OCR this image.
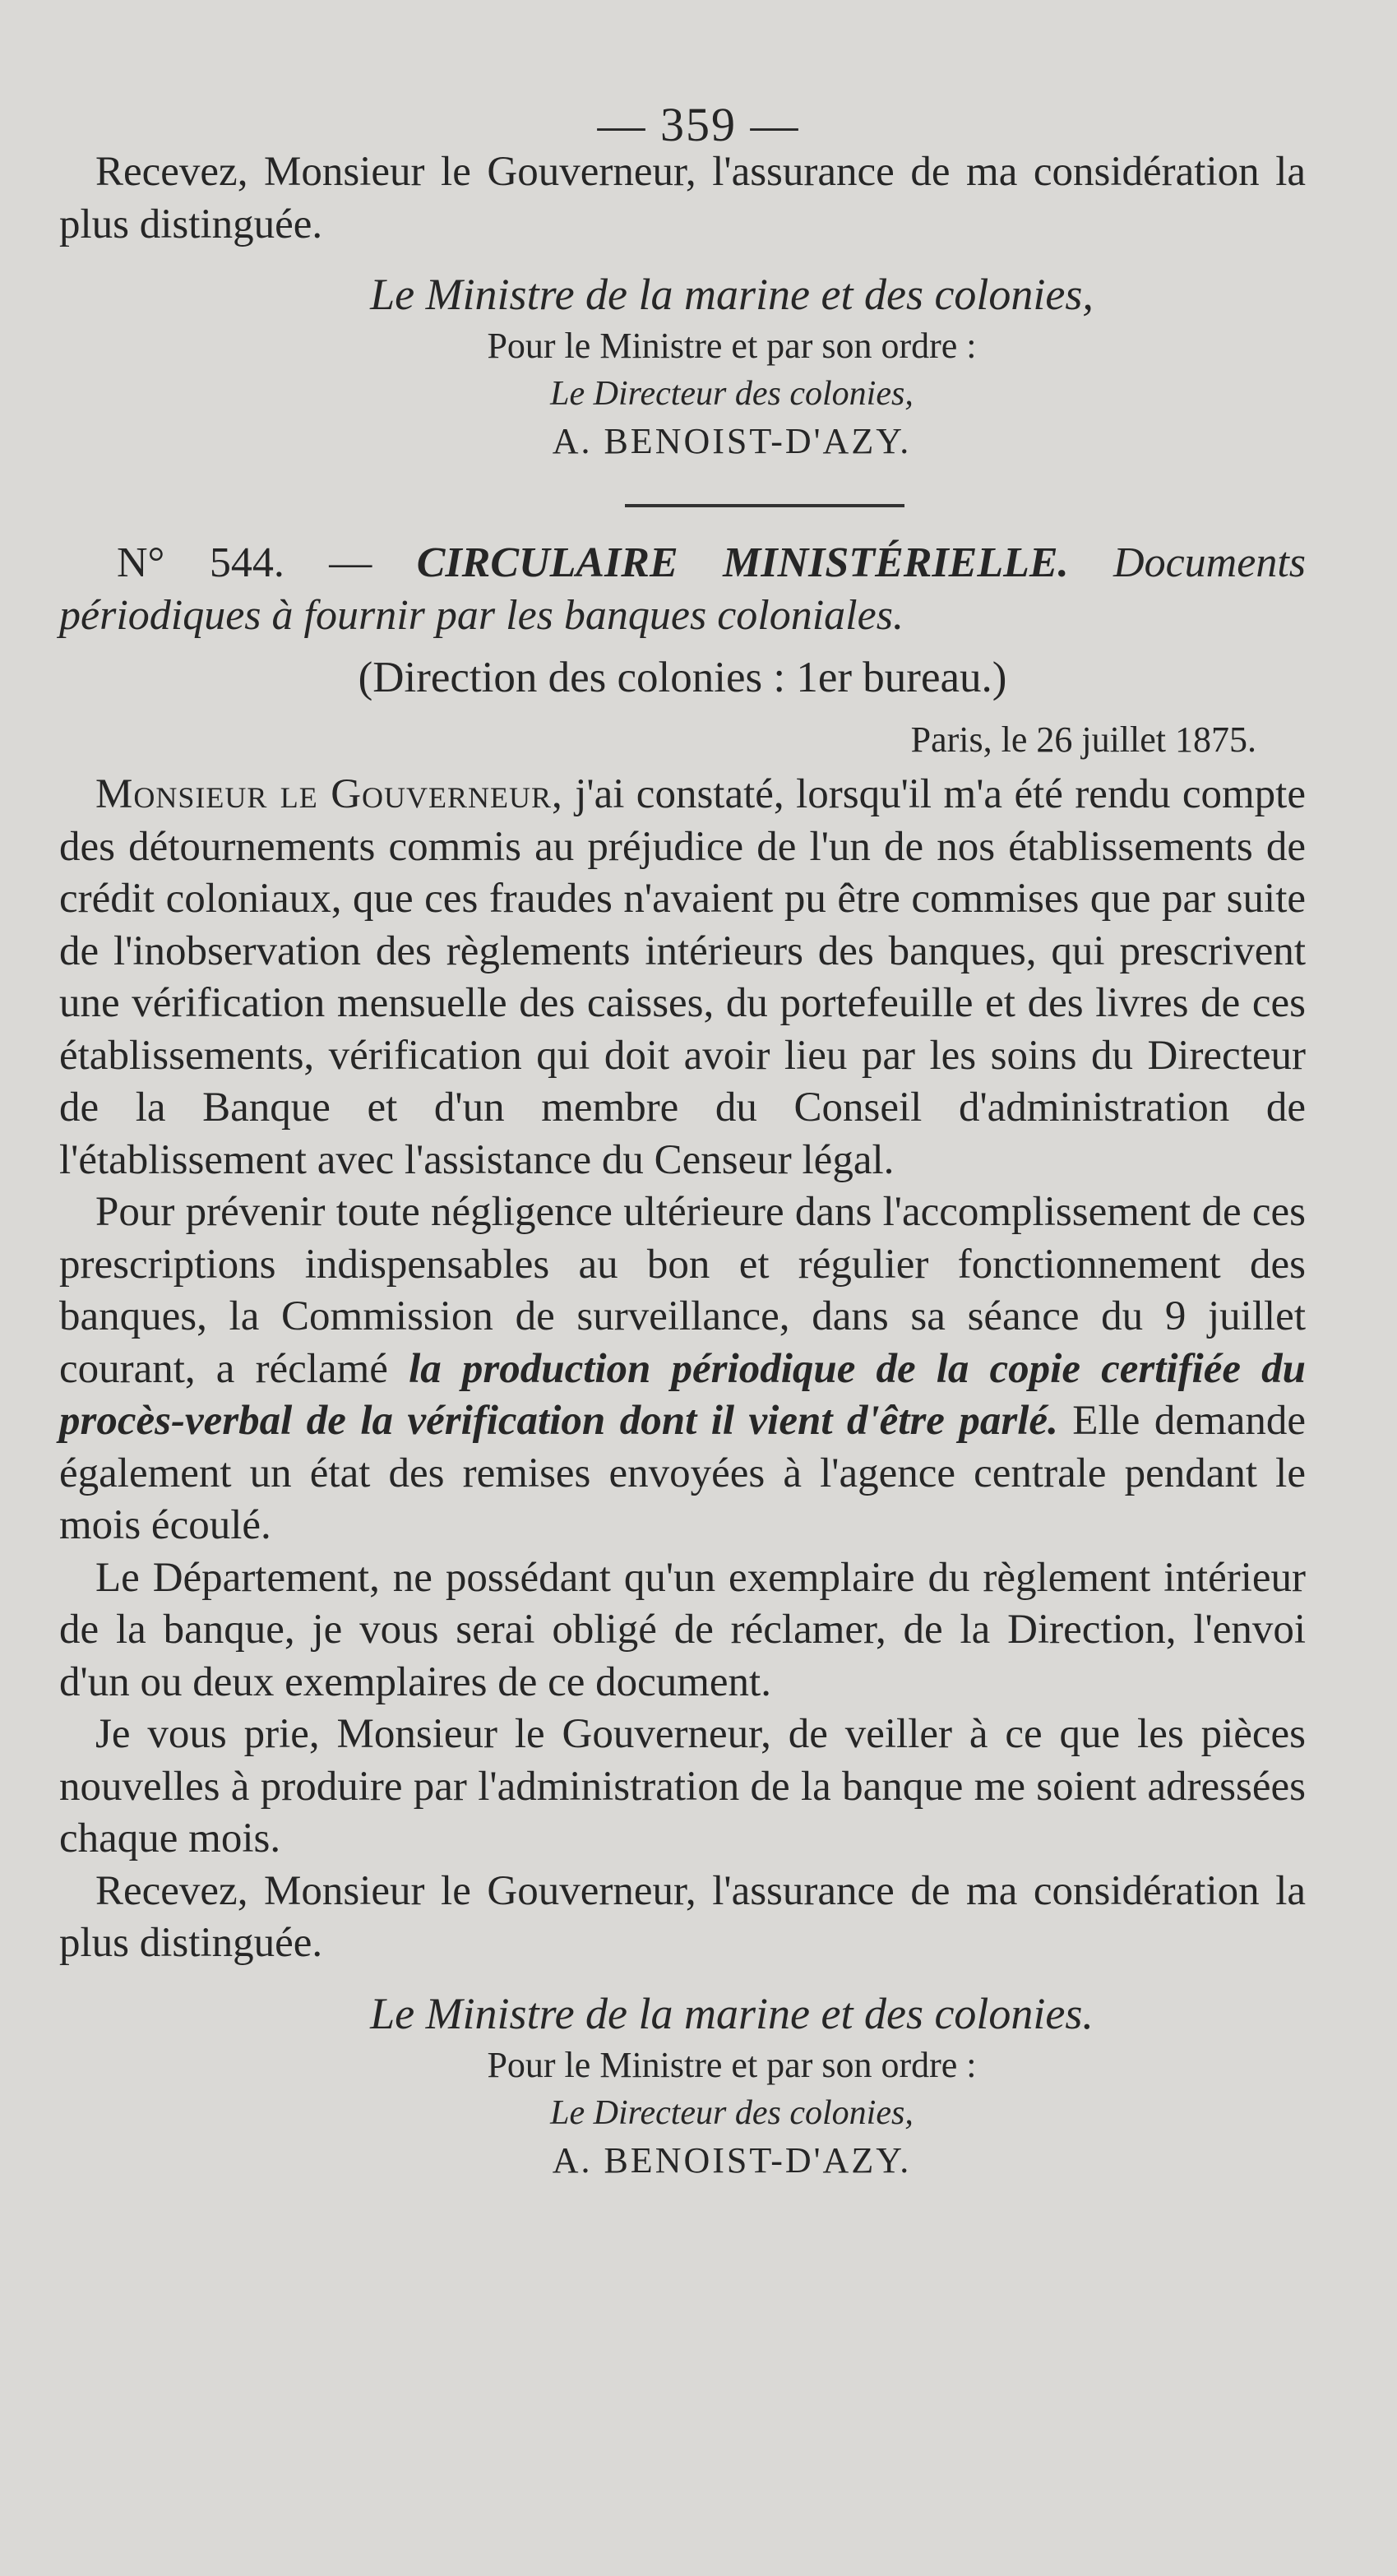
— 359 —

Recevez, Monsieur le Gouverneur, l'assurance de ma considération la plus distinguée.

Le Ministre de la marine et des colonies,

Pour le Ministre et par son ordre :

Le Directeur des colonies,

A. BENOIST-D'AZY.

N° 544. — CIRCULAIRE MINISTÉRIELLE. Documents périodiques à fournir par les banques coloniales.

(Direction des colonies : 1er bureau.)

Paris, le 26 juillet 1875.

Monsieur le Gouverneur, j'ai constaté, lorsqu'il m'a été rendu compte des détournements commis au préjudice de l'un de nos établissements de crédit coloniaux, que ces fraudes n'avaient pu être commises que par suite de l'inobservation des règlements intérieurs des banques, qui prescrivent une vérification mensuelle des caisses, du portefeuille et des livres de ces établissements, vérification qui doit avoir lieu par les soins du Directeur de la Banque et d'un membre du Conseil d'administration de l'établissement avec l'assistance du Censeur légal.

Pour prévenir toute négligence ultérieure dans l'accomplissement de ces prescriptions indispensables au bon et régulier fonctionnement des banques, la Commission de surveillance, dans sa séance du 9 juillet courant, a réclamé la production périodique de la copie certifiée du procès-verbal de la vérification dont il vient d'être parlé. Elle demande également un état des remises envoyées à l'agence centrale pendant le mois écoulé.

Le Département, ne possédant qu'un exemplaire du règlement intérieur de la banque, je vous serai obligé de réclamer, de la Direction, l'envoi d'un ou deux exemplaires de ce document.

Je vous prie, Monsieur le Gouverneur, de veiller à ce que les pièces nouvelles à produire par l'administration de la banque me soient adressées chaque mois.

Recevez, Monsieur le Gouverneur, l'assurance de ma considération la plus distinguée.

Le Ministre de la marine et des colonies.

Pour le Ministre et par son ordre :

Le Directeur des colonies,

A. BENOIST-D'AZY.
